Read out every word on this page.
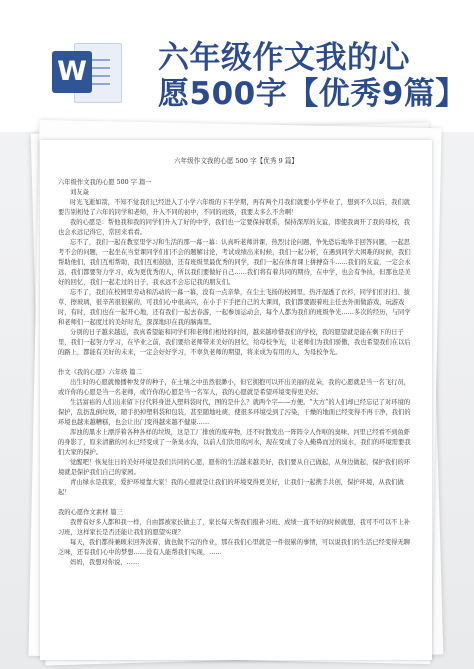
W 六年级作文我的心
愿500字【优秀9篇】
六年级作文我的心愿 500 字【优秀 9 篇】

六年级作文我的心愿 500 字 篇一

刘友焱

时光飞逝如箭，不知不觉我们已经进入了小学六年级的下半学期，再有两个月我们就要小学毕业了，想到不久以后，我们就要告别相处了六年的同学和老师，升入不同的初中，不同的班级，我要太多么不舍啊！

我的心愿是：帮他我和我的同学们升入了好的中学，我们也一定要保持联系，保持深厚的友谊，即使我离开了我的母校，我也会永远记得它，常回来看看。

忘不了，我们一起在教室里学习和生活的那一幕一幕：认真听老师讲课，热烈讨论问题，争先恐后地举手回答问题，一起思考不会的问题，一起坐在当堂课同学们们不会的题解讨论，考试成绩出来时候，我们一起分析，在遇到同学大困难的时候，我们帮助他们，我们互相帮助，我们互相鼓励，还有班级里最优秀的同学，我们一起在体育课上拼搏奋斗……我们的友谊，一定会永远，我们都要努力学习，成为更优秀的人，所以我们要做好自己……我们将有着共同的期待，在中学，也会有争执，但那也是美好的回忆，我们一起走过的日子，我永远不会忘记我的朋友们。

忘不了，我们在校园里劳动和活动的一幕一幕，没有一点亲挚，在尘土飞扬的校园里，热汗湿透了衣衫，同学们们打扫、拔草、擦玻璃，很辛苦很很累的，可我们心中很高兴，在小手下手把自己的大课间，我们都要跟着班主任去外面做游戏，玩游戏时，有时，我们也在一起开心地，还有我们一起去春游，一起参加运动会，每个人都为我们的班级争光……多次的经历，与同学和老师们一起度过的美好时光，深深地印在我的脑海里。

分别的日子越来越近，我真希望能和同学们和老师们相处的时间，越来越珍惜我们的学校，我的愿望就是能在剩下的日子里，我们一起努力学习，在毕业之前，我们要给老师带来美好的回忆，给母校争光，让老师们为我们骄傲，我也希望我们在以后的路上，都能有美好的未来，一定会好好学习，不辜负老师的期望，将来成为有用的人，为母校争光。

作文《我的心愿》六年级 篇二

出生时的心愿就像播种发芽的种子，在土壤之中虽然很渺小，但它拥抱可以开出美丽的花朵，我的心愿就是当一名飞行员，或许你的心愿是当一名老师，或许你的心愿是当一名军人，我的心愿就是希望环境变得更美好。

生活富裕的人们出来留下付代料身进入塑料袋时代，图的是什么？就两个字——方便。“大方”的人们却已经忘记了对环境的保护，乱扔乱倒垃圾，随手扔掉塑料袋和包装，甚至随地吐痰，使很多环境受到了污染，干燥的地面已经变得不再干净，我们的环境也越来越糟糕，也会让出门变得越来越不健康……

浑浊的黑水上漂浮着各种各样的垃圾，这是工厂排放的废弃物，还不时散发出一阵阵令人作呕的臭味，河里已经看不到鱼虾的身影了，原来清澈的河水已经变成了一条臭水沟，以前人们饮用的河水，现在变成了令人掩鼻而过的臭水，我们的环境需要我们大家的保护。

觉醒吧！恢复往日的美好环境是我们共同的心愿，愿你的生活越来越美好，我们要从自己做起，从身边做起，保护我们的环境就是保护我们自己的家园。

青山绿水是我家，爱护环境靠大家！我的心愿就是让我们的环境变得更美好，让我们一起携手共创，保护环境，从我们做起！

我的心愿作文素材 篇三

我曾有好多人都和我一样，自由都被家长做主了，家长每天帮我们报补习班、成绩一直不好的时候就想，我可不可以不上补习班，这样家长是否还能让我们的愿望实现？

每天，我们都得兼顾来回奔波着，做也做不完的作业，那在我们心里就是一件很累的事情，可以说我们的生活已经变得无聊乏味，还有我们心中的梦想……没有人能帮我们实现，……

妈妈，我想对你说，……
